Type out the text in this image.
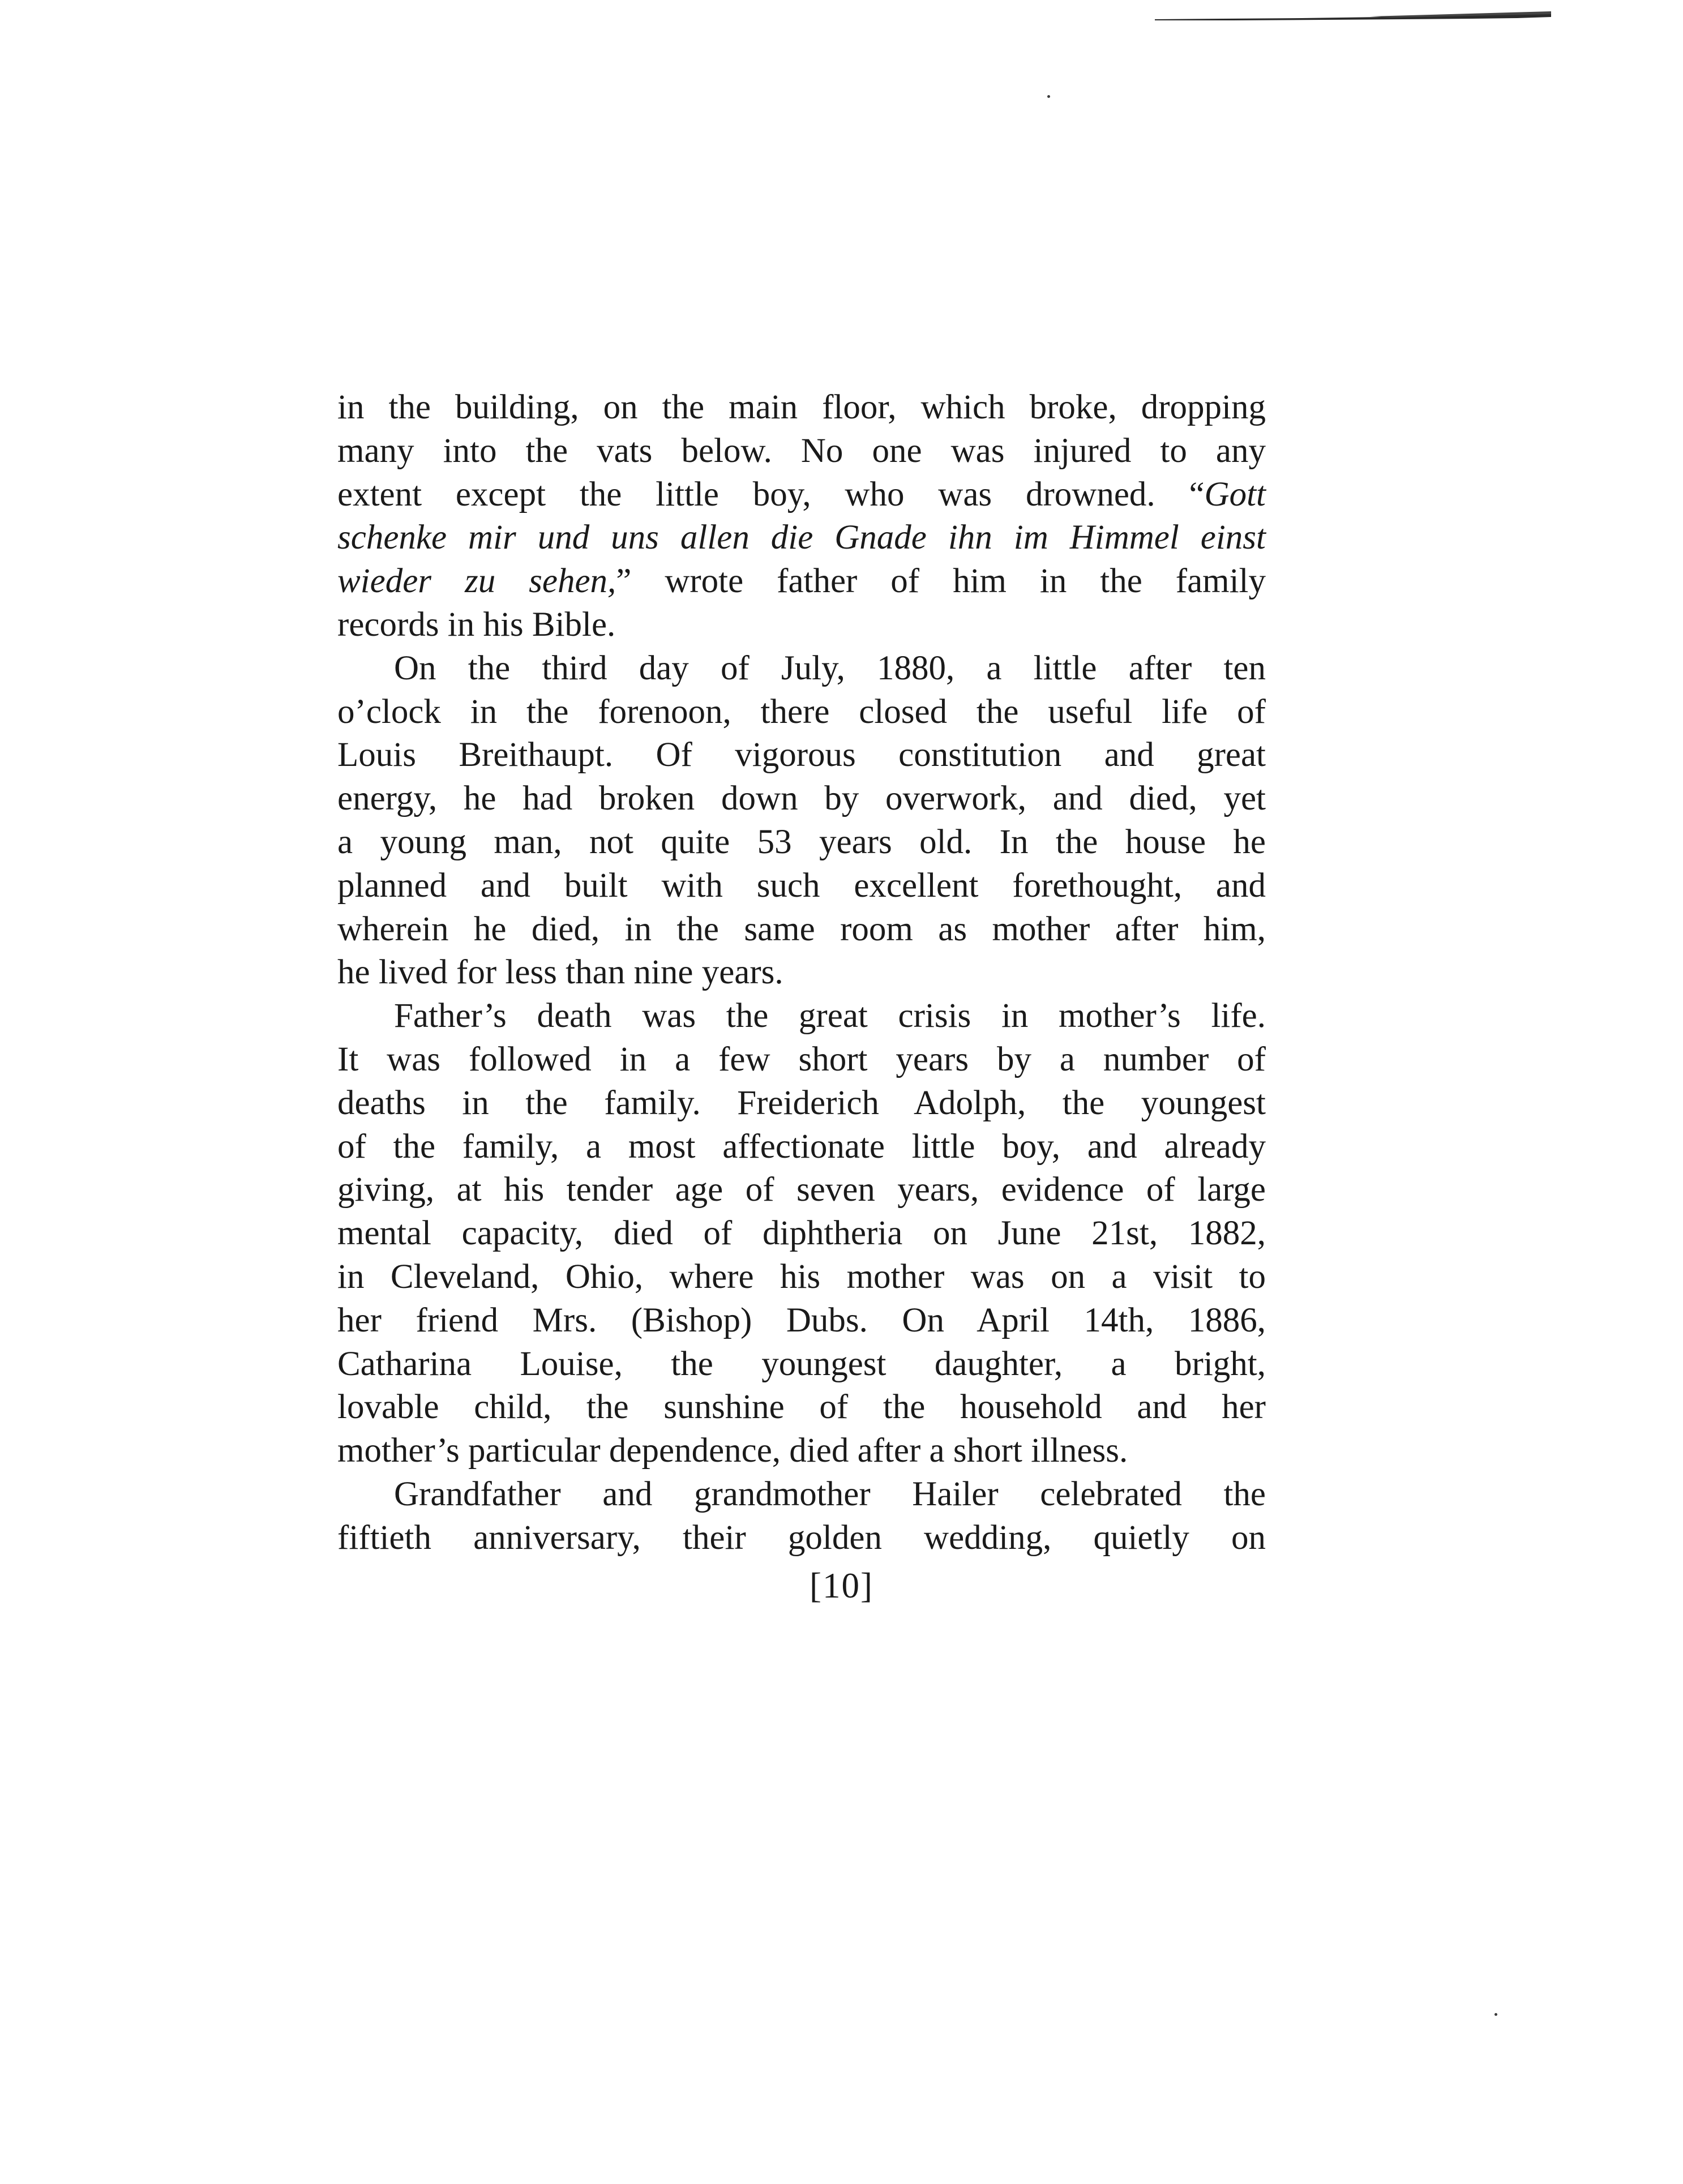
in the building, on the main floor, which broke, dropping
many into the vats below. No one was injured to any
extent except the little boy, who was drowned. “Gott
schenke mir und uns allen die Gnade ihn im Himmel einst
wieder zu sehen,” wrote father of him in the family
records in his Bible.
On the third day of July, 1880, a little after ten
o’clock in the forenoon, there closed the useful life of
Louis Breithaupt. Of vigorous constitution and great
energy, he had broken down by overwork, and died, yet
a young man, not quite 53 years old. In the house he
planned and built with such excellent forethought, and
wherein he died, in the same room as mother after him,
he lived for less than nine years.
Father’s death was the great crisis in mother’s life.
It was followed in a few short years by a number of
deaths in the family. Freiderich Adolph, the youngest
of the family, a most affectionate little boy, and already
giving, at his tender age of seven years, evidence of large
mental capacity, died of diphtheria on June 21st, 1882,
in Cleveland, Ohio, where his mother was on a visit to
her friend Mrs. (Bishop) Dubs. On April 14th, 1886,
Catharina Louise, the youngest daughter, a bright,
lovable child, the sunshine of the household and her
mother’s particular dependence, died after a short illness.
Grandfather and grandmother Hailer celebrated the
fiftieth anniversary, their golden wedding, quietly on
[10]
